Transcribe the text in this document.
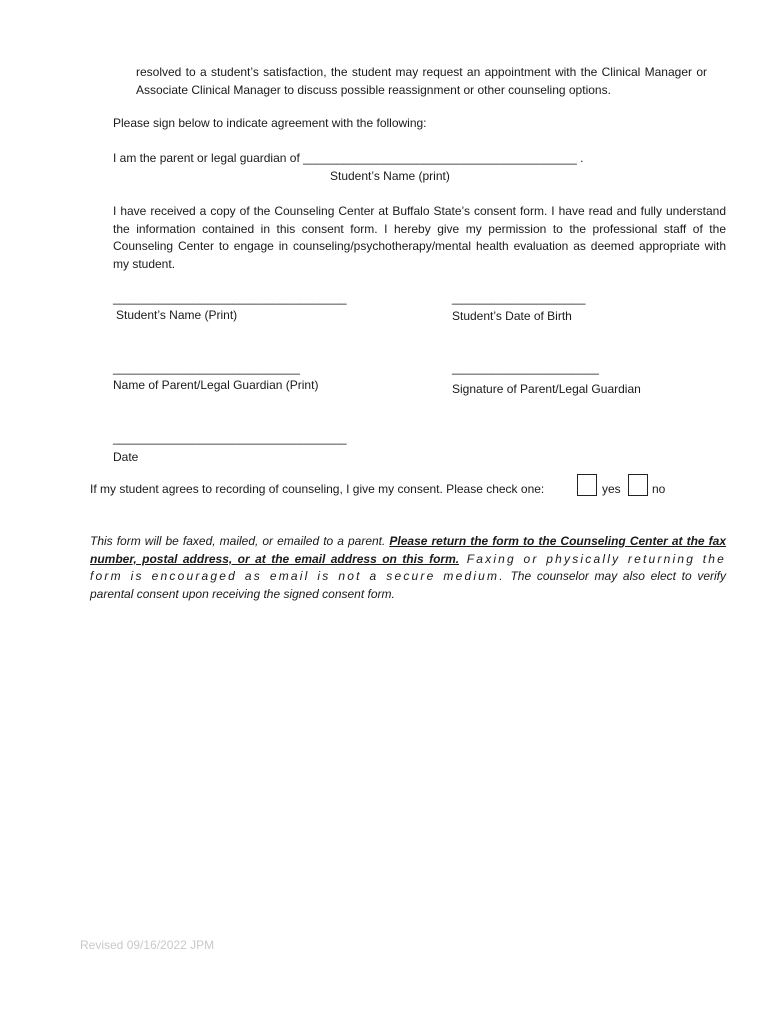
resolved to a student’s satisfaction, the student may request an appointment with the Clinical Manager or Associate Clinical Manager to discuss possible reassignment or other counseling options.
Please sign below to indicate agreement with the following:
I am the parent or legal guardian of _________________________________________ .
Student’s Name (print)
I have received a copy of the Counseling Center at Buffalo State’s consent form. I have read and fully understand the information contained in this consent form. I hereby give my permission to the professional staff of the Counseling Center to engage in counseling/psychotherapy/mental health evaluation as deemed appropriate with my student.
___________________________________
Student’s Name (Print)
____________________
Student’s Date of Birth
____________________________
Name of Parent/Legal Guardian (Print)
______________________
Signature of Parent/Legal Guardian
___________________________________
Date
If my student agrees to recording of counseling, I give my consent. Please check one:	yes	no
This form will be faxed, mailed, or emailed to a parent. Please return the form to the Counseling Center at the fax number, postal address, or at the email address on this form. Faxing or physically returning the form is encouraged as email is not a secure medium. The counselor may also elect to verify parental consent upon receiving the signed consent form.
Revised 09/16/2022 JPM
